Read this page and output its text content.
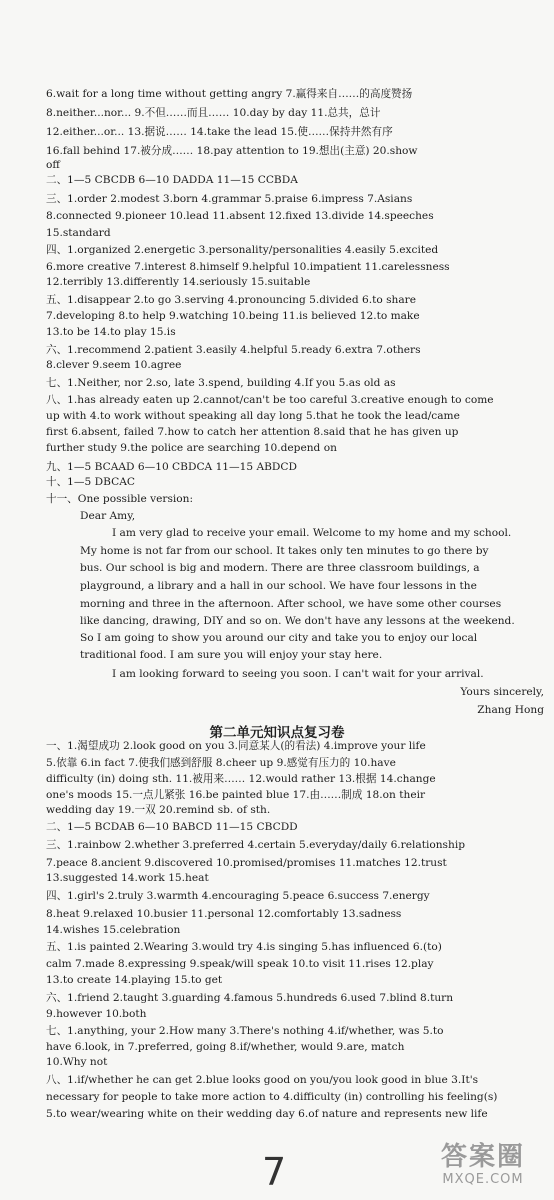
6.wait for a long time without getting angry 7.赢得来自……的高度赞扬
8.neither...nor... 9.不但……而且…… 10.day by day 11.总共，总计
12.either...or... 13.据说…… 14.take the lead 15.使……保持井然有序
16.fall behind 17.被分成…… 18.pay attention to 19.想出(主意) 20.show
off
二、1—5 CBCDB 6—10 DADDA 11—15 CCBDA
三、1.order 2.modest 3.born 4.grammar 5.praise 6.impress 7.Asians
8.connected 9.pioneer 10.lead 11.absent 12.fixed 13.divide 14.speeches
15.standard
四、1.organized 2.energetic 3.personality/personalities 4.easily 5.excited
6.more creative 7.interest 8.himself 9.helpful 10.impatient 11.carelessness
12.terribly 13.differently 14.seriously 15.suitable
五、1.disappear 2.to go 3.serving 4.pronouncing 5.divided 6.to share
7.developing 8.to help 9.watching 10.being 11.is believed 12.to make
13.to be 14.to play 15.is
六、1.recommend 2.patient 3.easily 4.helpful 5.ready 6.extra 7.others
8.clever 9.seem 10.agree
七、1.Neither, nor 2.so, late 3.spend, building 4.If you 5.as old as
八、1.has already eaten up 2.cannot/can't be too careful 3.creative enough to come
up with 4.to work without speaking all day long 5.that he took the lead/came
first 6.absent, failed 7.how to catch her attention 8.said that he has given up
further study 9.the police are searching 10.depend on
九、1—5 BCAAD 6—10 CBDCA 11—15 ABDCD
十、1—5 DBCAC
十一、One possible version:
Dear Amy,
I am very glad to receive your email. Welcome to my home and my school.
My home is not far from our school. It takes only ten minutes to go there by
bus. Our school is big and modern. There are three classroom buildings, a
playground, a library and a hall in our school. We have four lessons in the
morning and three in the afternoon. After school, we have some other courses
like dancing, drawing, DIY and so on. We don't have any lessons at the weekend.
So I am going to show you around our city and take you to enjoy our local
traditional food. I am sure you will enjoy your stay here.
I am looking forward to seeing you soon. I can't wait for your arrival.
Yours sincerely,
Zhang Hong
第二单元知识点复习卷
一、1.渴望成功 2.look good on you 3.同意某人(的看法) 4.improve your life
5.依靠 6.in fact 7.使我们感到舒服 8.cheer up 9.感觉有压力的 10.have
difficulty (in) doing sth. 11.被用来…… 12.would rather 13.根据 14.change
one's moods 15.一点儿紧张 16.be painted blue 17.由……制成 18.on their
wedding day 19.一双 20.remind sb. of sth.
二、1—5 BCDAB 6—10 BABCD 11—15 CBCDD
三、1.rainbow 2.whether 3.preferred 4.certain 5.everyday/daily 6.relationship
7.peace 8.ancient 9.discovered 10.promised/promises 11.matches 12.trust
13.suggested 14.work 15.heat
四、1.girl's 2.truly 3.warmth 4.encouraging 5.peace 6.success 7.energy
8.heat 9.relaxed 10.busier 11.personal 12.comfortably 13.sadness
14.wishes 15.celebration
五、1.is painted 2.Wearing 3.would try 4.is singing 5.has influenced 6.(to)
calm 7.made 8.expressing 9.speak/will speak 10.to visit 11.rises 12.play
13.to create 14.playing 15.to get
六、1.friend 2.taught 3.guarding 4.famous 5.hundreds 6.used 7.blind 8.turn
9.however 10.both
七、1.anything, your 2.How many 3.There's nothing 4.if/whether, was 5.to
have 6.look, in 7.preferred, going 8.if/whether, would 9.are, match
10.Why not
八、1.if/whether he can get 2.blue looks good on you/you look good in blue 3.It's
necessary for people to take more action to 4.difficulty (in) controlling his feeling(s)
5.to wear/wearing white on their wedding day 6.of nature and represents new life
7	答案圈
MXQE.COM
